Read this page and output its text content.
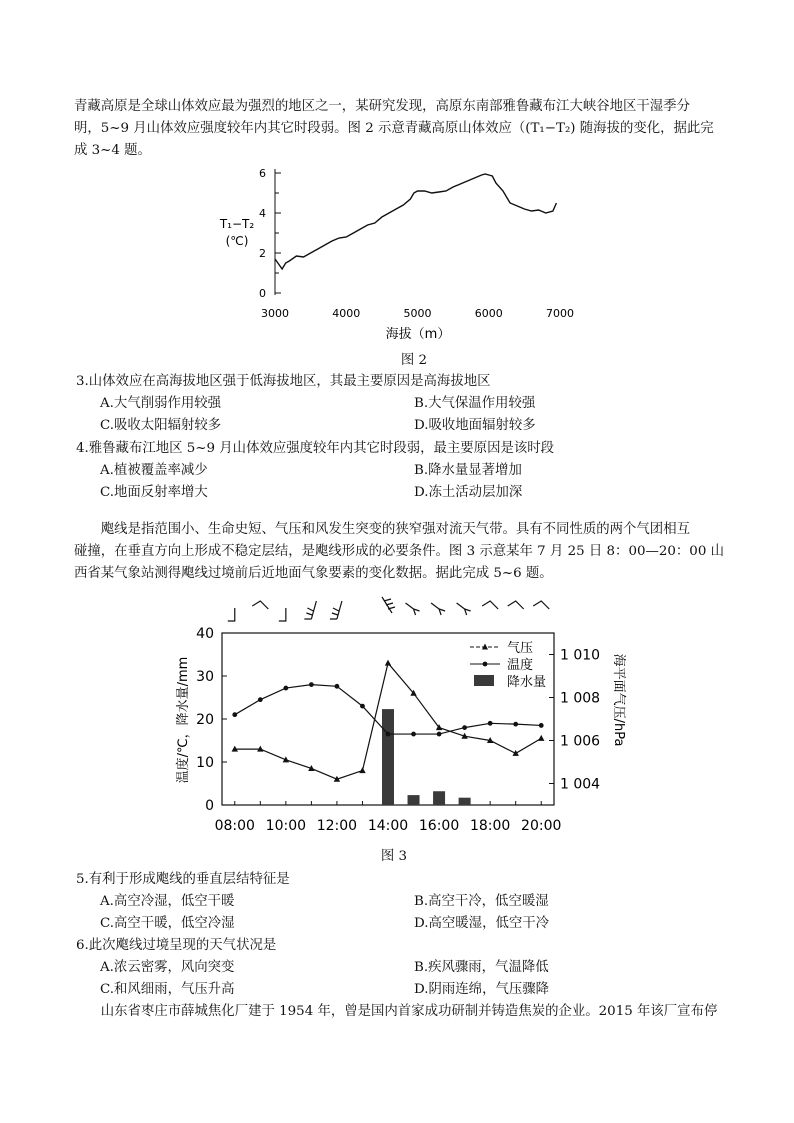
青藏高原是全球山体效应最为强烈的地区之一，某研究发现，高原东南部雅鲁藏布江大峡谷地区干湿季分
明，5~9 月山体效应强度较年内其它时段弱。图 2 示意青藏高原山体效应（(T₁−T₂) 随海拔的变化，据此完
成 3~4 题。
T₁−T₂
(℃)
海拔（m）
0
2
4
6
3000	4000	5000	6000	7000
图 2
3.山体效应在高海拔地区强于低海拔地区，其最主要原因是高海拔地区
A.大气削弱作用较强	B.大气保温作用较强
C.吸收太阳辐射较多	D.吸收地面辐射较多
4.雅鲁藏布江地区 5~9 月山体效应强度较年内其它时段弱，最主要原因是该时段
A.植被覆盖率减少	B.降水量显著增加
C.地面反射率增大	D.冻土活动层加深
飑线是指范围小、生命史短、气压和风发生突变的狭窄强对流天气带。具有不同性质的两个气团相互
碰撞，在垂直方向上形成不稳定层结，是飑线形成的必要条件。图 3 示意某年 7 月 25 日 8：00—20：00 山
西省某气象站测得飑线过境前后近地面气象要素的变化数据。据此完成 5~6 题。
温度/℃，降水量/mm	海平面气压/hPa
0
10
20
30
40
1 004
1 006
1 008
1 010
08:00 10:00 12:00 14:00 16:00 18:00 20:00
气压
温度
降水量
图 3
5.有利于形成飑线的垂直层结特征是
A.高空冷湿，低空干暖	B.高空干冷，低空暖湿
C.高空干暖，低空冷湿	D.高空暖湿，低空干冷
6.此次飑线过境呈现的天气状况是
A.浓云密雾，风向突变	B.疾风骤雨，气温降低
C.和风细雨，气压升高	D.阴雨连绵，气压骤降
山东省枣庄市薛城焦化厂建于 1954 年，曾是国内首家成功研制并铸造焦炭的企业。2015 年该厂宣布停
